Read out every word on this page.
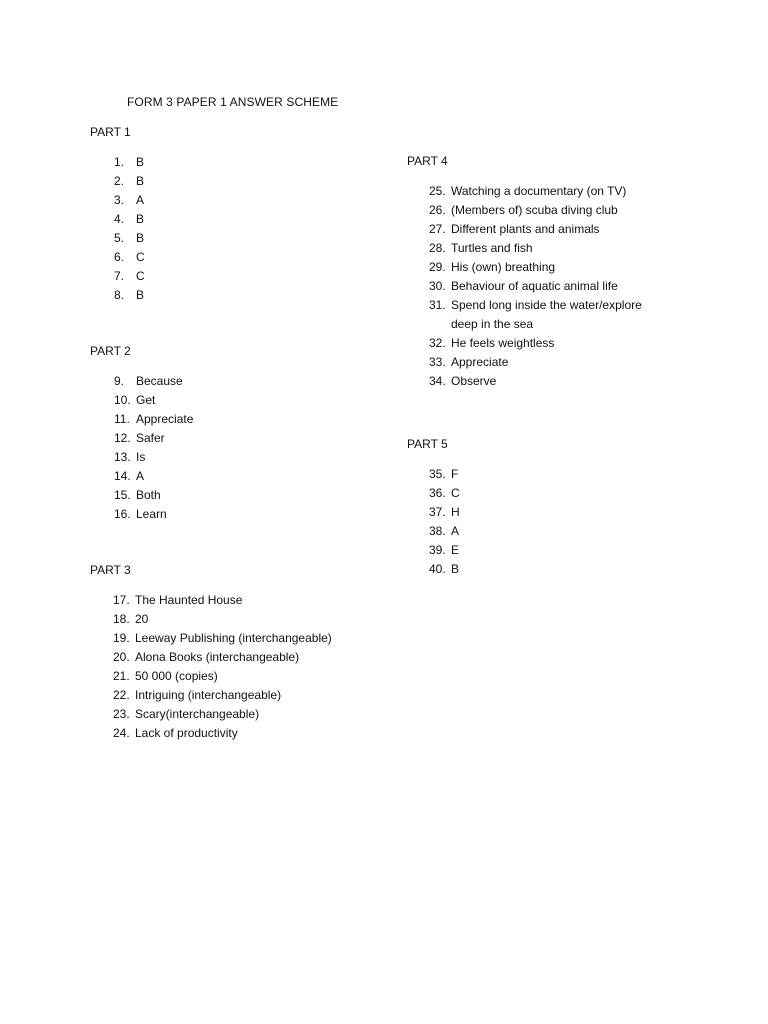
FORM 3 PAPER 1 ANSWER SCHEME
PART 1
1. B
2. B
3. A
4. B
5. B
6. C
7. C
8. B
PART 2
9. Because
10. Get
11. Appreciate
12. Safer
13. Is
14. A
15. Both
16. Learn
PART 3
17. The Haunted House
18. 20
19. Leeway Publishing (interchangeable)
20. Alona Books (interchangeable)
21. 50 000 (copies)
22. Intriguing (interchangeable)
23. Scary(interchangeable)
24. Lack of productivity
PART 4
25. Watching a documentary (on TV)
26. (Members of) scuba diving club
27. Different plants and animals
28. Turtles and fish
29. His (own) breathing
30. Behaviour of aquatic animal life
31. Spend long inside the water/explore deep in the sea
32. He feels weightless
33. Appreciate
34. Observe
PART 5
35. F
36. C
37. H
38. A
39. E
40. B
